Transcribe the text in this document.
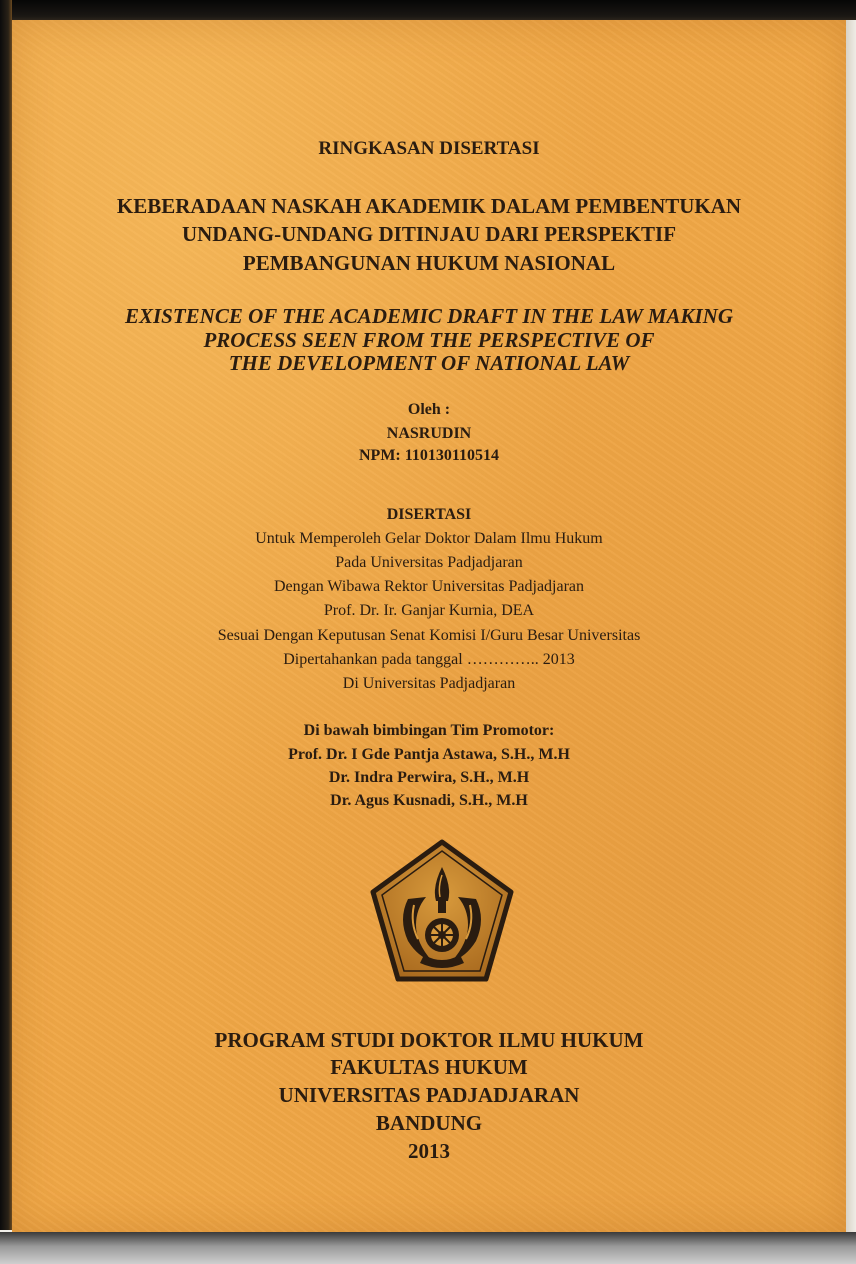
RINGKASAN DISERTASI
KEBERADAAN NASKAH AKADEMIK DALAM PEMBENTUKAN
UNDANG-UNDANG DITINJAU DARI PERSPEKTIF
PEMBANGUNAN HUKUM NASIONAL
EXISTENCE OF THE ACADEMIC DRAFT IN THE LAW MAKING
PROCESS SEEN FROM THE PERSPECTIVE OF
THE DEVELOPMENT OF NATIONAL LAW
Oleh :
NASRUDIN
NPM: 110130110514
DISERTASI
Untuk Memperoleh Gelar Doktor Dalam Ilmu Hukum
Pada Universitas Padjadjaran
Dengan Wibawa Rektor Universitas Padjadjaran
Prof. Dr. Ir. Ganjar Kurnia, DEA
Sesuai Dengan Keputusan Senat Komisi I/Guru Besar Universitas
Dipertahankan pada tanggal ………….. 2013
Di Universitas Padjadjaran
Di bawah bimbingan Tim Promotor:
Prof. Dr. I Gde Pantja Astawa, S.H., M.H
Dr. Indra Perwira, S.H., M.H
Dr. Agus Kusnadi, S.H., M.H
PROGRAM STUDI DOKTOR ILMU HUKUM
FAKULTAS HUKUM
UNIVERSITAS PADJADJARAN
BANDUNG
2013
